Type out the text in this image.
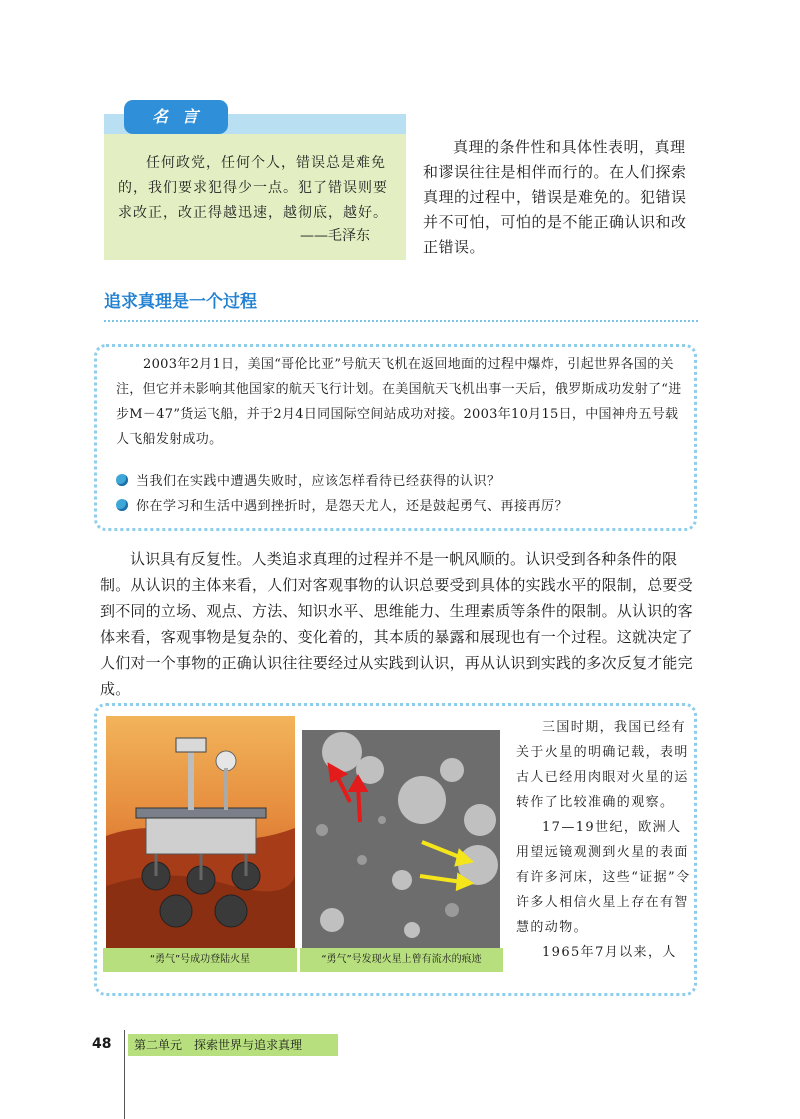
名言
任何政党，任何个人，错误总是难免的，我们要求犯得少一点。犯了错误则要求改正，改正得越迅速，越彻底，越好。
——毛泽东
真理的条件性和具体性表明，真理和谬误往往是相伴而行的。在人们探索真理的过程中，错误是难免的。犯错误并不可怕，可怕的是不能正确认识和改正错误。
追求真理是一个过程
2003年2月1日，美国“哥伦比亚”号航天飞机在返回地面的过程中爆炸，引起世界各国的关注，但它并未影响其他国家的航天飞行计划。在美国航天飞机出事一天后，俄罗斯成功发射了“进步M－47”货运飞船，并于2月4日同国际空间站成功对接。2003年10月15日，中国神舟五号载人飞船发射成功。
当我们在实践中遭遇失败时，应该怎样看待已经获得的认识？
你在学习和生活中遇到挫折时，是怨天尤人，还是鼓起勇气、再接再厉？
认识具有反复性。人类追求真理的过程并不是一帆风顺的。认识受到各种条件的限制。从认识的主体来看，人们对客观事物的认识总要受到具体的实践水平的限制，总要受到不同的立场、观点、方法、知识水平、思维能力、生理素质等条件的限制。从认识的客体来看，客观事物是复杂的、变化着的，其本质的暴露和展现也有一个过程。这就决定了人们对一个事物的正确认识往往要经过从实践到认识，再从认识到实践的多次反复才能完成。
“勇气”号成功登陆火星	“勇气”号发现火星上曾有流水的痕迹

三国时期，我国已经有关于火星的明确记载，表明古人已经用肉眼对火星的运转作了比较准确的观察。

17—19世纪，欧洲人用望远镜观测到火星的表面有许多河床，这些“证据”令许多人相信火星上存在有智慧的动物。

1965年7月以来，人

48	第二单元　探索世界与追求真理
